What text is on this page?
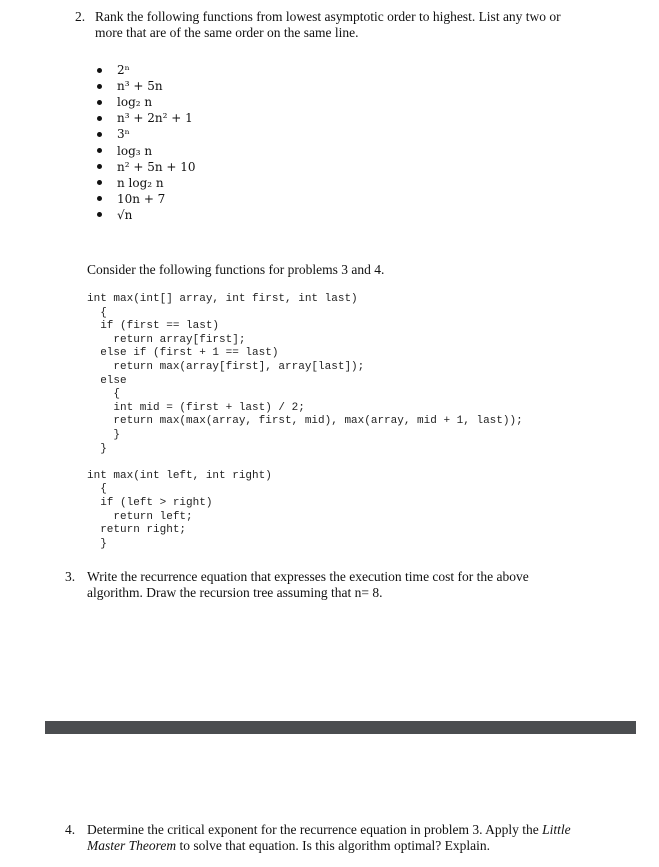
2. Rank the following functions from lowest asymptotic order to highest. List any two or
more that are of the same order on the same line.
2ⁿ
n³ + 5n
log₂ n
n³ + 2n² + 1
3ⁿ
log₃ n
n² + 5n + 10
n log₂ n
10n + 7
√n
Consider the following functions for problems 3 and 4.
int max(int[] array, int first, int last)
{
if (first == last)
return array[first];
else if (first + 1 == last)
return max(array[first], array[last]);
else
{
int mid = (first + last) / 2;
return max(max(array, first, mid), max(array, mid + 1, last));
}
}

int max(int left, int right)
{
if (left > right)
return left;
return right;
}
3. Write the recurrence equation that expresses the execution time cost for the above
algorithm. Draw the recursion tree assuming that n= 8.
4. Determine the critical exponent for the recurrence equation in problem 3. Apply the Little
Master Theorem to solve that equation. Is this algorithm optimal? Explain.
